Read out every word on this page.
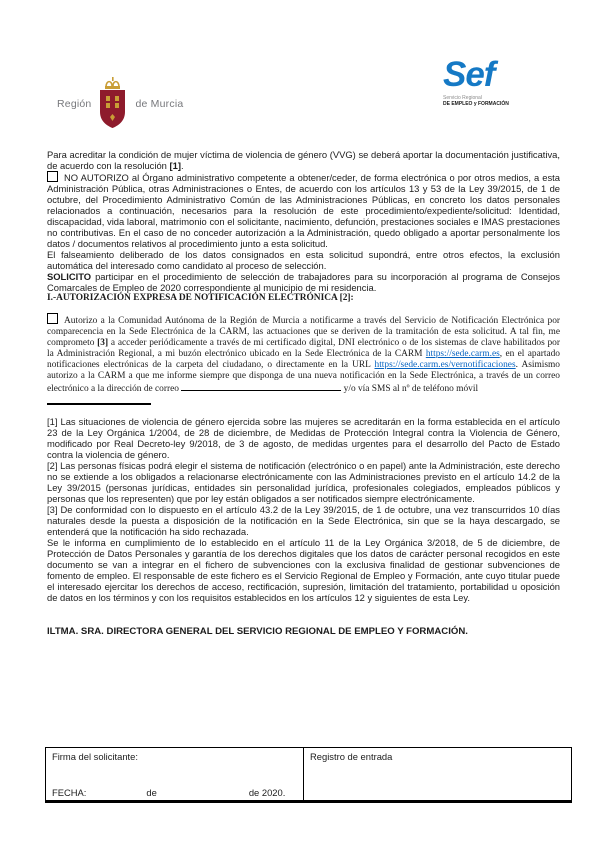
Región	de Murcia
Sef
Servicio Regional
DE EMPLEO y FORMACIÓN

Para acreditar la condición de mujer víctima de violencia de género (VVG) se deberá aportar la documentación justificativa, de acuerdo con la resolución [1].

NO AUTORIZO al Órgano administrativo competente a obtener/ceder, de forma electrónica o por otros medios, a esta Administración Pública, otras Administraciones o Entes, de acuerdo con los artículos 13 y 53 de la Ley 39/2015, de 1 de octubre, del Procedimiento Administrativo Común de las Administraciones Públicas, en concreto los datos personales relacionados a continuación, necesarios para la resolución de este procedimiento/expediente/solicitud: Identidad, discapacidad, vida laboral, matrimonio con el solicitante, nacimiento, defunción, prestaciones sociales e IMAS prestaciones no contributivas. En el caso de no conceder autorización a la Administración, quedo obligado a aportar personalmente los datos / documentos relativos al procedimiento junto a esta solicitud.

El falseamiento deliberado de los datos consignados en esta solicitud supondrá, entre otros efectos, la exclusión automática del interesado como candidato al proceso de selección.

SOLICITO participar en el procedimiento de selección de trabajadores para su incorporación al programa de Consejos Comarcales de Empleo de 2020 correspondiente al municipio de mi residencia.

I.-AUTORIZACIÓN EXPRESA DE NOTIFICACIÓN ELECTRÓNICA [2]:

Autorizo a la Comunidad Autónoma de la Región de Murcia a notificarme a través del Servicio de Notificación Electrónica por comparecencia en la Sede Electrónica de la CARM, las actuaciones que se deriven de la tramitación de esta solicitud. A tal fin, me comprometo [3] a acceder periódicamente a través de mi certificado digital, DNI electrónico o de los sistemas de clave habilitados por la Administración Regional, a mi buzón electrónico ubicado en la Sede Electrónica de la CARM https://sede.carm.es, en el apartado notificaciones electrónicas de la carpeta del ciudadano, o directamente en la URL https://sede.carm.es/vernotificaciones. Asimismo autorizo a la CARM a que me informe siempre que disponga de una nueva notificación en la Sede Electrónica, a través de un correo electrónico a la dirección de correo	y/o vía SMS al nº de teléfono móvil

[1] Las situaciones de violencia de género ejercida sobre las mujeres se acreditarán en la forma establecida en el artículo 23 de la Ley Orgánica 1/2004, de 28 de diciembre, de Medidas de Protección Integral contra la Violencia de Género, modificado por Real Decreto-ley 9/2018, de 3 de agosto, de medidas urgentes para el desarrollo del Pacto de Estado contra la violencia de género.

[2] Las personas físicas podrá elegir el sistema de notificación (electrónico o en papel) ante la Administración, este derecho no se extiende a los obligados a relacionarse electrónicamente con las Administraciones previsto en el artículo 14.2 de la Ley 39/2015 (personas jurídicas, entidades sin personalidad jurídica, profesionales colegiados, empleados públicos y personas que los representen) que por ley están obligados a ser notificados siempre electrónicamente.

[3] De conformidad con lo dispuesto en el artículo 43.2 de la Ley 39/2015, de 1 de octubre, una vez transcurridos 10 días naturales desde la puesta a disposición de la notificación en la Sede Electrónica, sin que se la haya descargado, se entenderá que la notificación ha sido rechazada.

Se le informa en cumplimiento de lo establecido en el artículo 11 de la Ley Orgánica 3/2018, de 5 de diciembre, de Protección de Datos Personales y garantía de los derechos digitales que los datos de carácter personal recogidos en este documento se van a integrar en el fichero de subvenciones con la exclusiva finalidad de gestionar subvenciones de fomento de empleo. El responsable de este fichero es el Servicio Regional de Empleo y Formación, ante cuyo titular puede el interesado ejercitar los derechos de acceso, rectificación, supresión, limitación del tratamiento, portabilidad u oposición de datos en los términos y con los requisitos establecidos en los artículos 12 y siguientes de esta Ley.

ILTMA. SRA. DIRECTORA GENERAL DEL SERVICIO REGIONAL DE EMPLEO Y FORMACIÓN.

Firma del solicitante:
FECHA:	de	de 2020.
Registro de entrada
